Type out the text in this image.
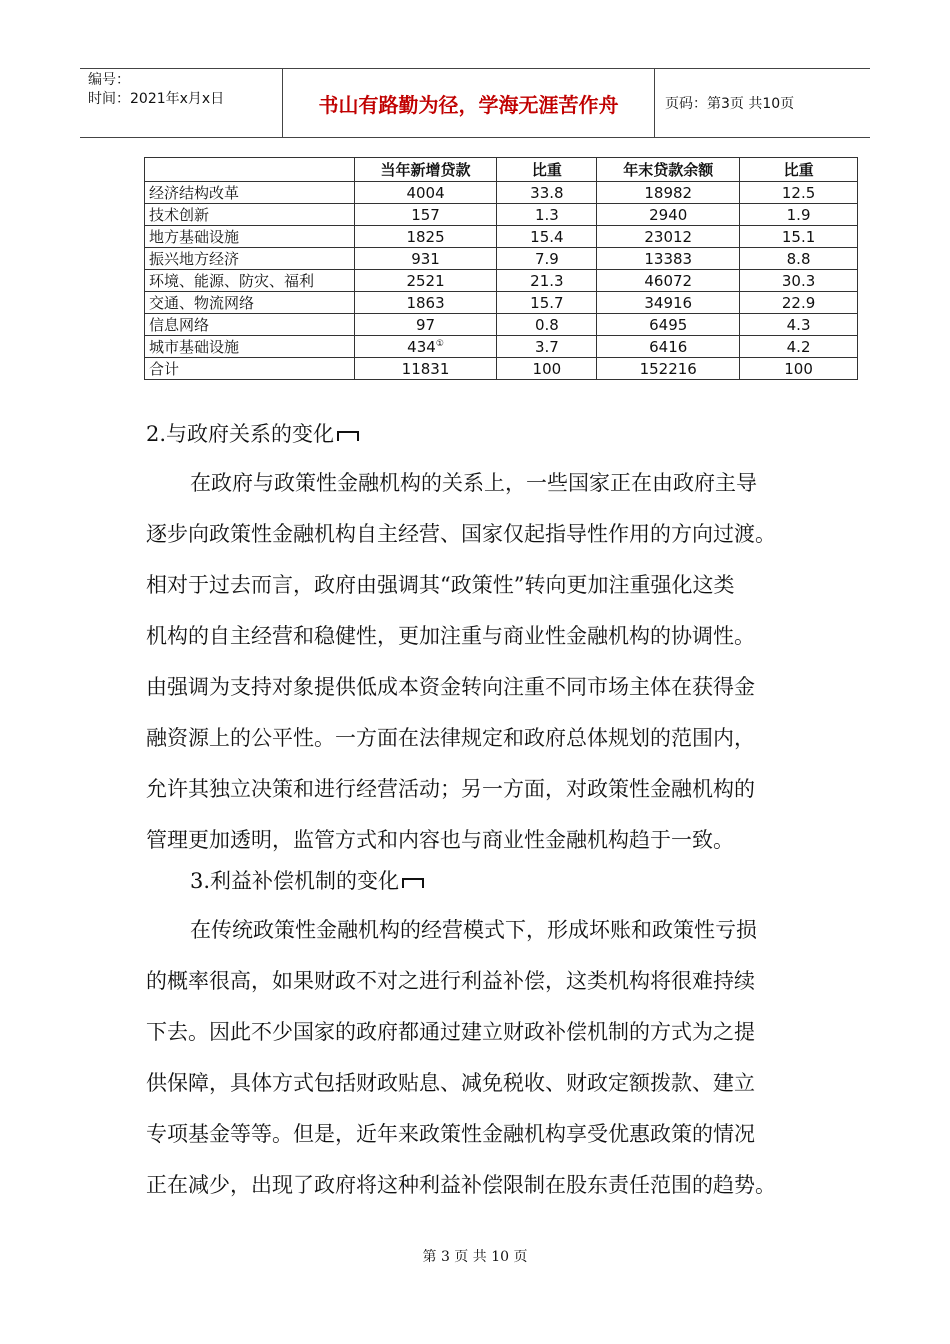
编号：
时间：2021年x月x日	书山有路勤为径，学海无涯苦作舟	页码：第3页 共10页
	当年新增贷款	比重	年末贷款余额	比重
经济结构改革	4004	33.8	18982	12.5
技术创新	157	1.3	2940	1.9
地方基础设施	1825	15.4	23012	15.1
振兴地方经济	931	7.9	13383	8.8
环境、能源、防灾、福利	2521	21.3	46072	30.3
交通、物流网络	1863	15.7	34916	22.9
信息网络	97	0.8	6495	4.3
城市基础设施	434①	3.7	6416	4.2
合计	11831	100	152216	100
2.与政府关系的变化
在政府与政策性金融机构的关系上，一些国家正在由政府主导
逐步向政策性金融机构自主经营、国家仅起指导性作用的方向过渡。
相对于过去而言，政府由强调其“政策性”转向更加注重强化这类
机构的自主经营和稳健性，更加注重与商业性金融机构的协调性。
由强调为支持对象提供低成本资金转向注重不同市场主体在获得金
融资源上的公平性。一方面在法律规定和政府总体规划的范围内，
允许其独立决策和进行经营活动；另一方面，对政策性金融机构的
管理更加透明，监管方式和内容也与商业性金融机构趋于一致。
3.利益补偿机制的变化
在传统政策性金融机构的经营模式下，形成坏账和政策性亏损
的概率很高，如果财政不对之进行利益补偿，这类机构将很难持续
下去。因此不少国家的政府都通过建立财政补偿机制的方式为之提
供保障，具体方式包括财政贴息、减免税收、财政定额拨款、建立
专项基金等等。但是，近年来政策性金融机构享受优惠政策的情况
正在减少，出现了政府将这种利益补偿限制在股东责任范围的趋势。
第 3 页 共 10 页
